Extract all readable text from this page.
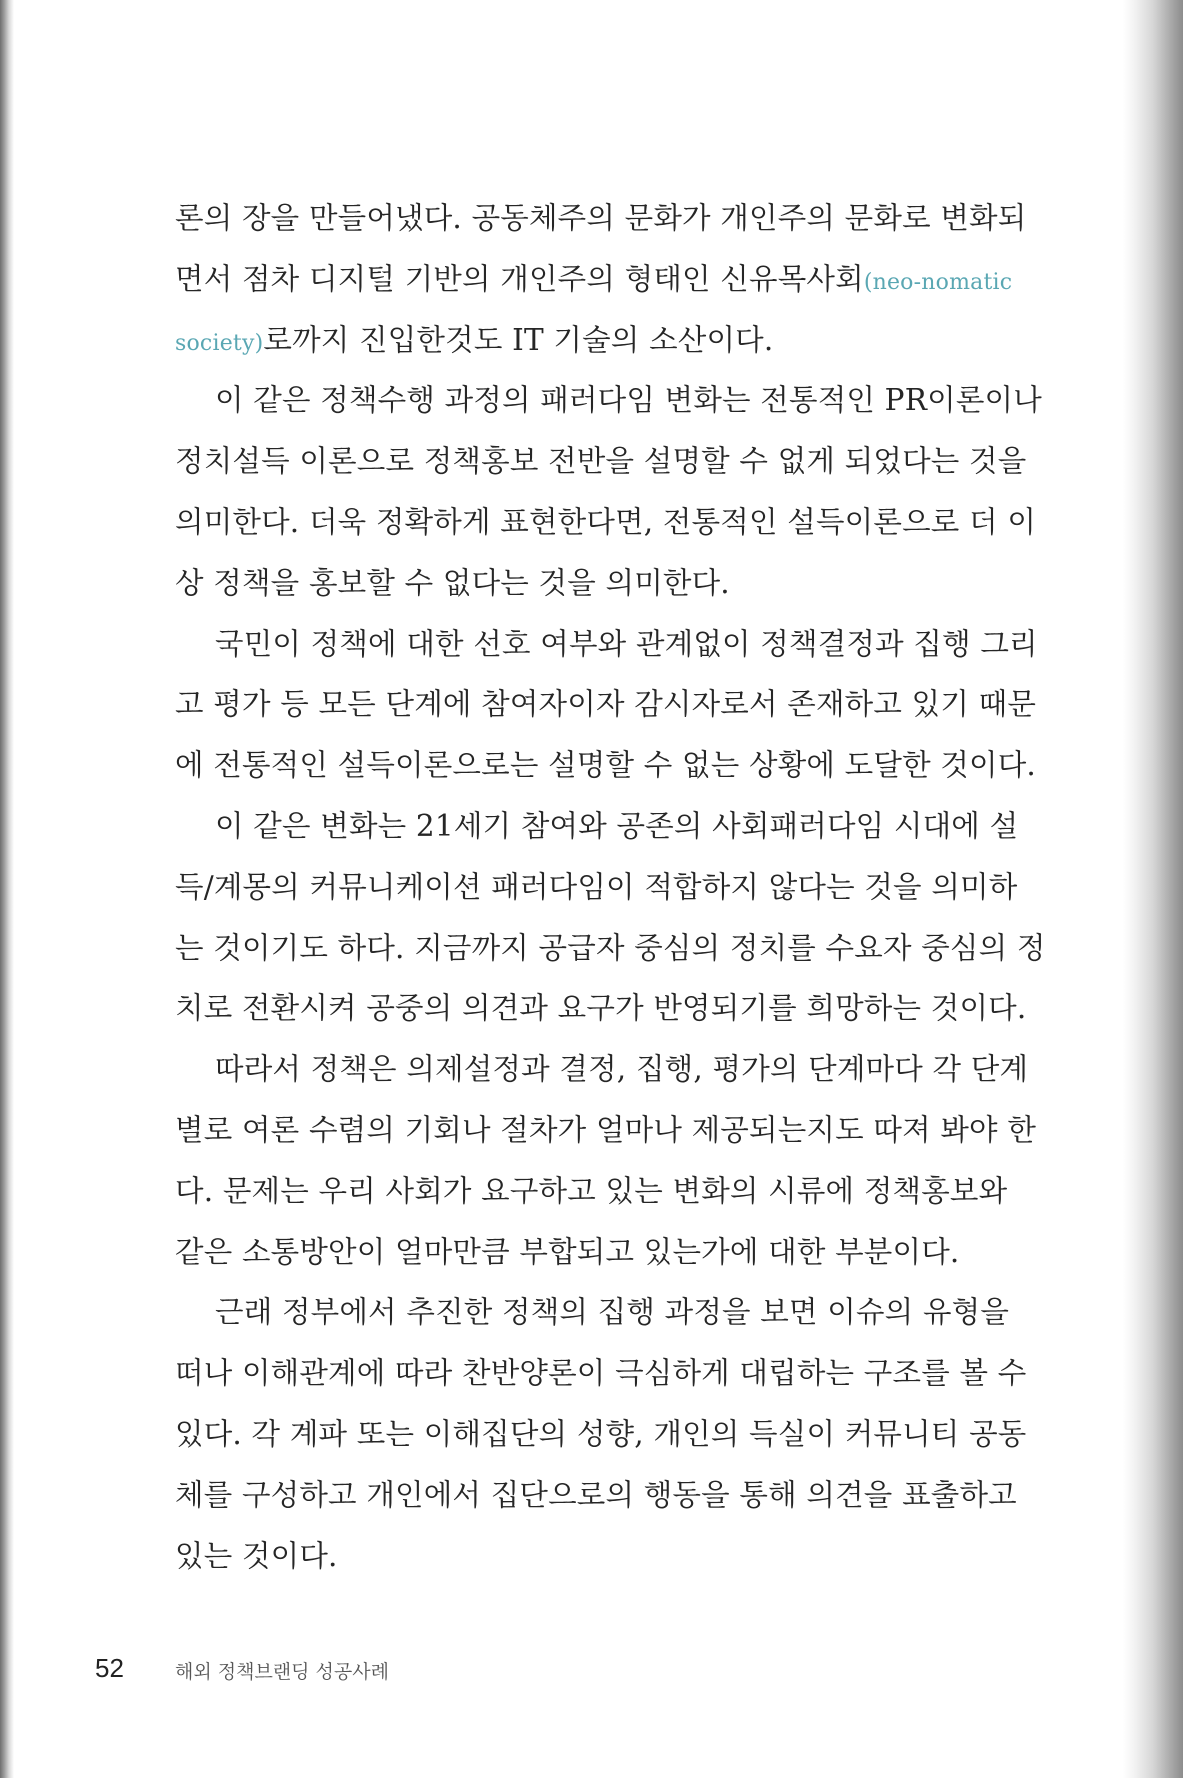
론의 장을 만들어냈다. 공동체주의 문화가 개인주의 문화로 변화되
면서 점차 디지털 기반의 개인주의 형태인 신유목사회(neo-nomatic
society)로까지 진입한것도 IT 기술의 소산이다.
이 같은 정책수행 과정의 패러다임 변화는 전통적인 PR이론이나
정치설득 이론으로 정책홍보 전반을 설명할 수 없게 되었다는 것을
의미한다. 더욱 정확하게 표현한다면, 전통적인 설득이론으로 더 이
상 정책을 홍보할 수 없다는 것을 의미한다.
국민이 정책에 대한 선호 여부와 관계없이 정책결정과 집행 그리
고 평가 등 모든 단계에 참여자이자 감시자로서 존재하고 있기 때문
에 전통적인 설득이론으로는 설명할 수 없는 상황에 도달한 것이다.
이 같은 변화는 21세기 참여와 공존의 사회패러다임 시대에 설
득/계몽의 커뮤니케이션 패러다임이 적합하지 않다는 것을 의미하
는 것이기도 하다. 지금까지 공급자 중심의 정치를 수요자 중심의 정
치로 전환시켜 공중의 의견과 요구가 반영되기를 희망하는 것이다.
따라서 정책은 의제설정과 결정, 집행, 평가의 단계마다 각 단계
별로 여론 수렴의 기회나 절차가 얼마나 제공되는지도 따져 봐야 한
다. 문제는 우리 사회가 요구하고 있는 변화의 시류에 정책홍보와
같은 소통방안이 얼마만큼 부합되고 있는가에 대한 부분이다.
근래 정부에서 추진한 정책의 집행 과정을 보면 이슈의 유형을
떠나 이해관계에 따라 찬반양론이 극심하게 대립하는 구조를 볼 수
있다. 각 계파 또는 이해집단의 성향, 개인의 득실이 커뮤니티 공동
체를 구성하고 개인에서 집단으로의 행동을 통해 의견을 표출하고
있는 것이다.
52	해외 정책브랜딩 성공사례
